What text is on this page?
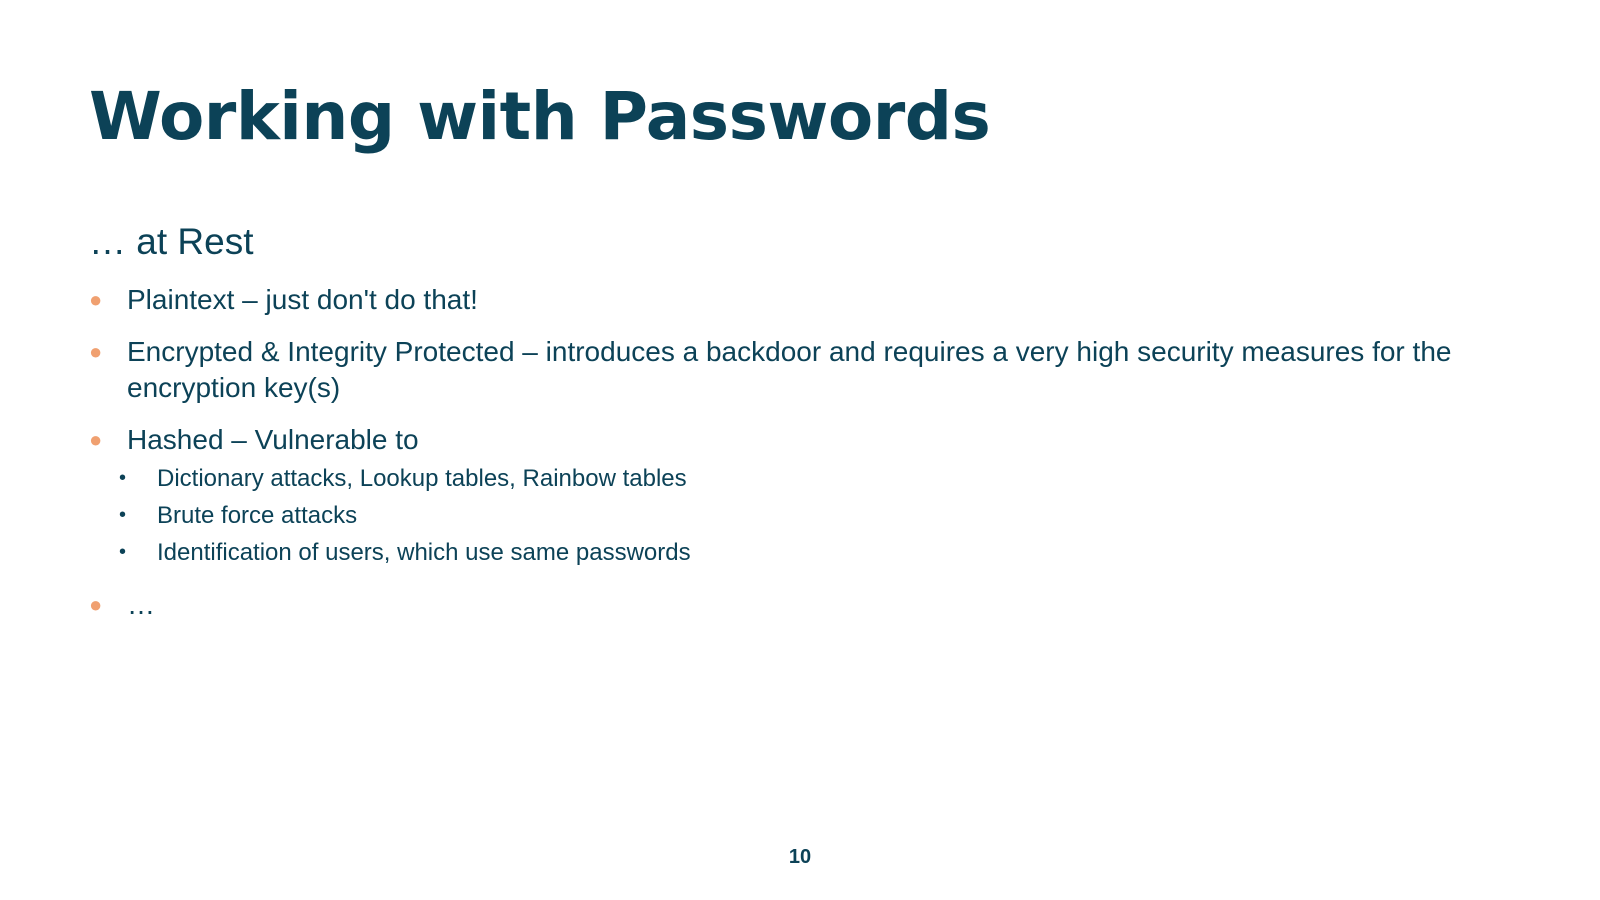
Working with Passwords
… at Rest
● Plaintext – just don't do that!
● Encrypted & Integrity Protected – introduces a backdoor and requires a very high security measures for the encryption key(s)
● Hashed – Vulnerable to
• Dictionary attacks, Lookup tables, Rainbow tables
• Brute force attacks
• Identification of users, which use same passwords
● …
10
